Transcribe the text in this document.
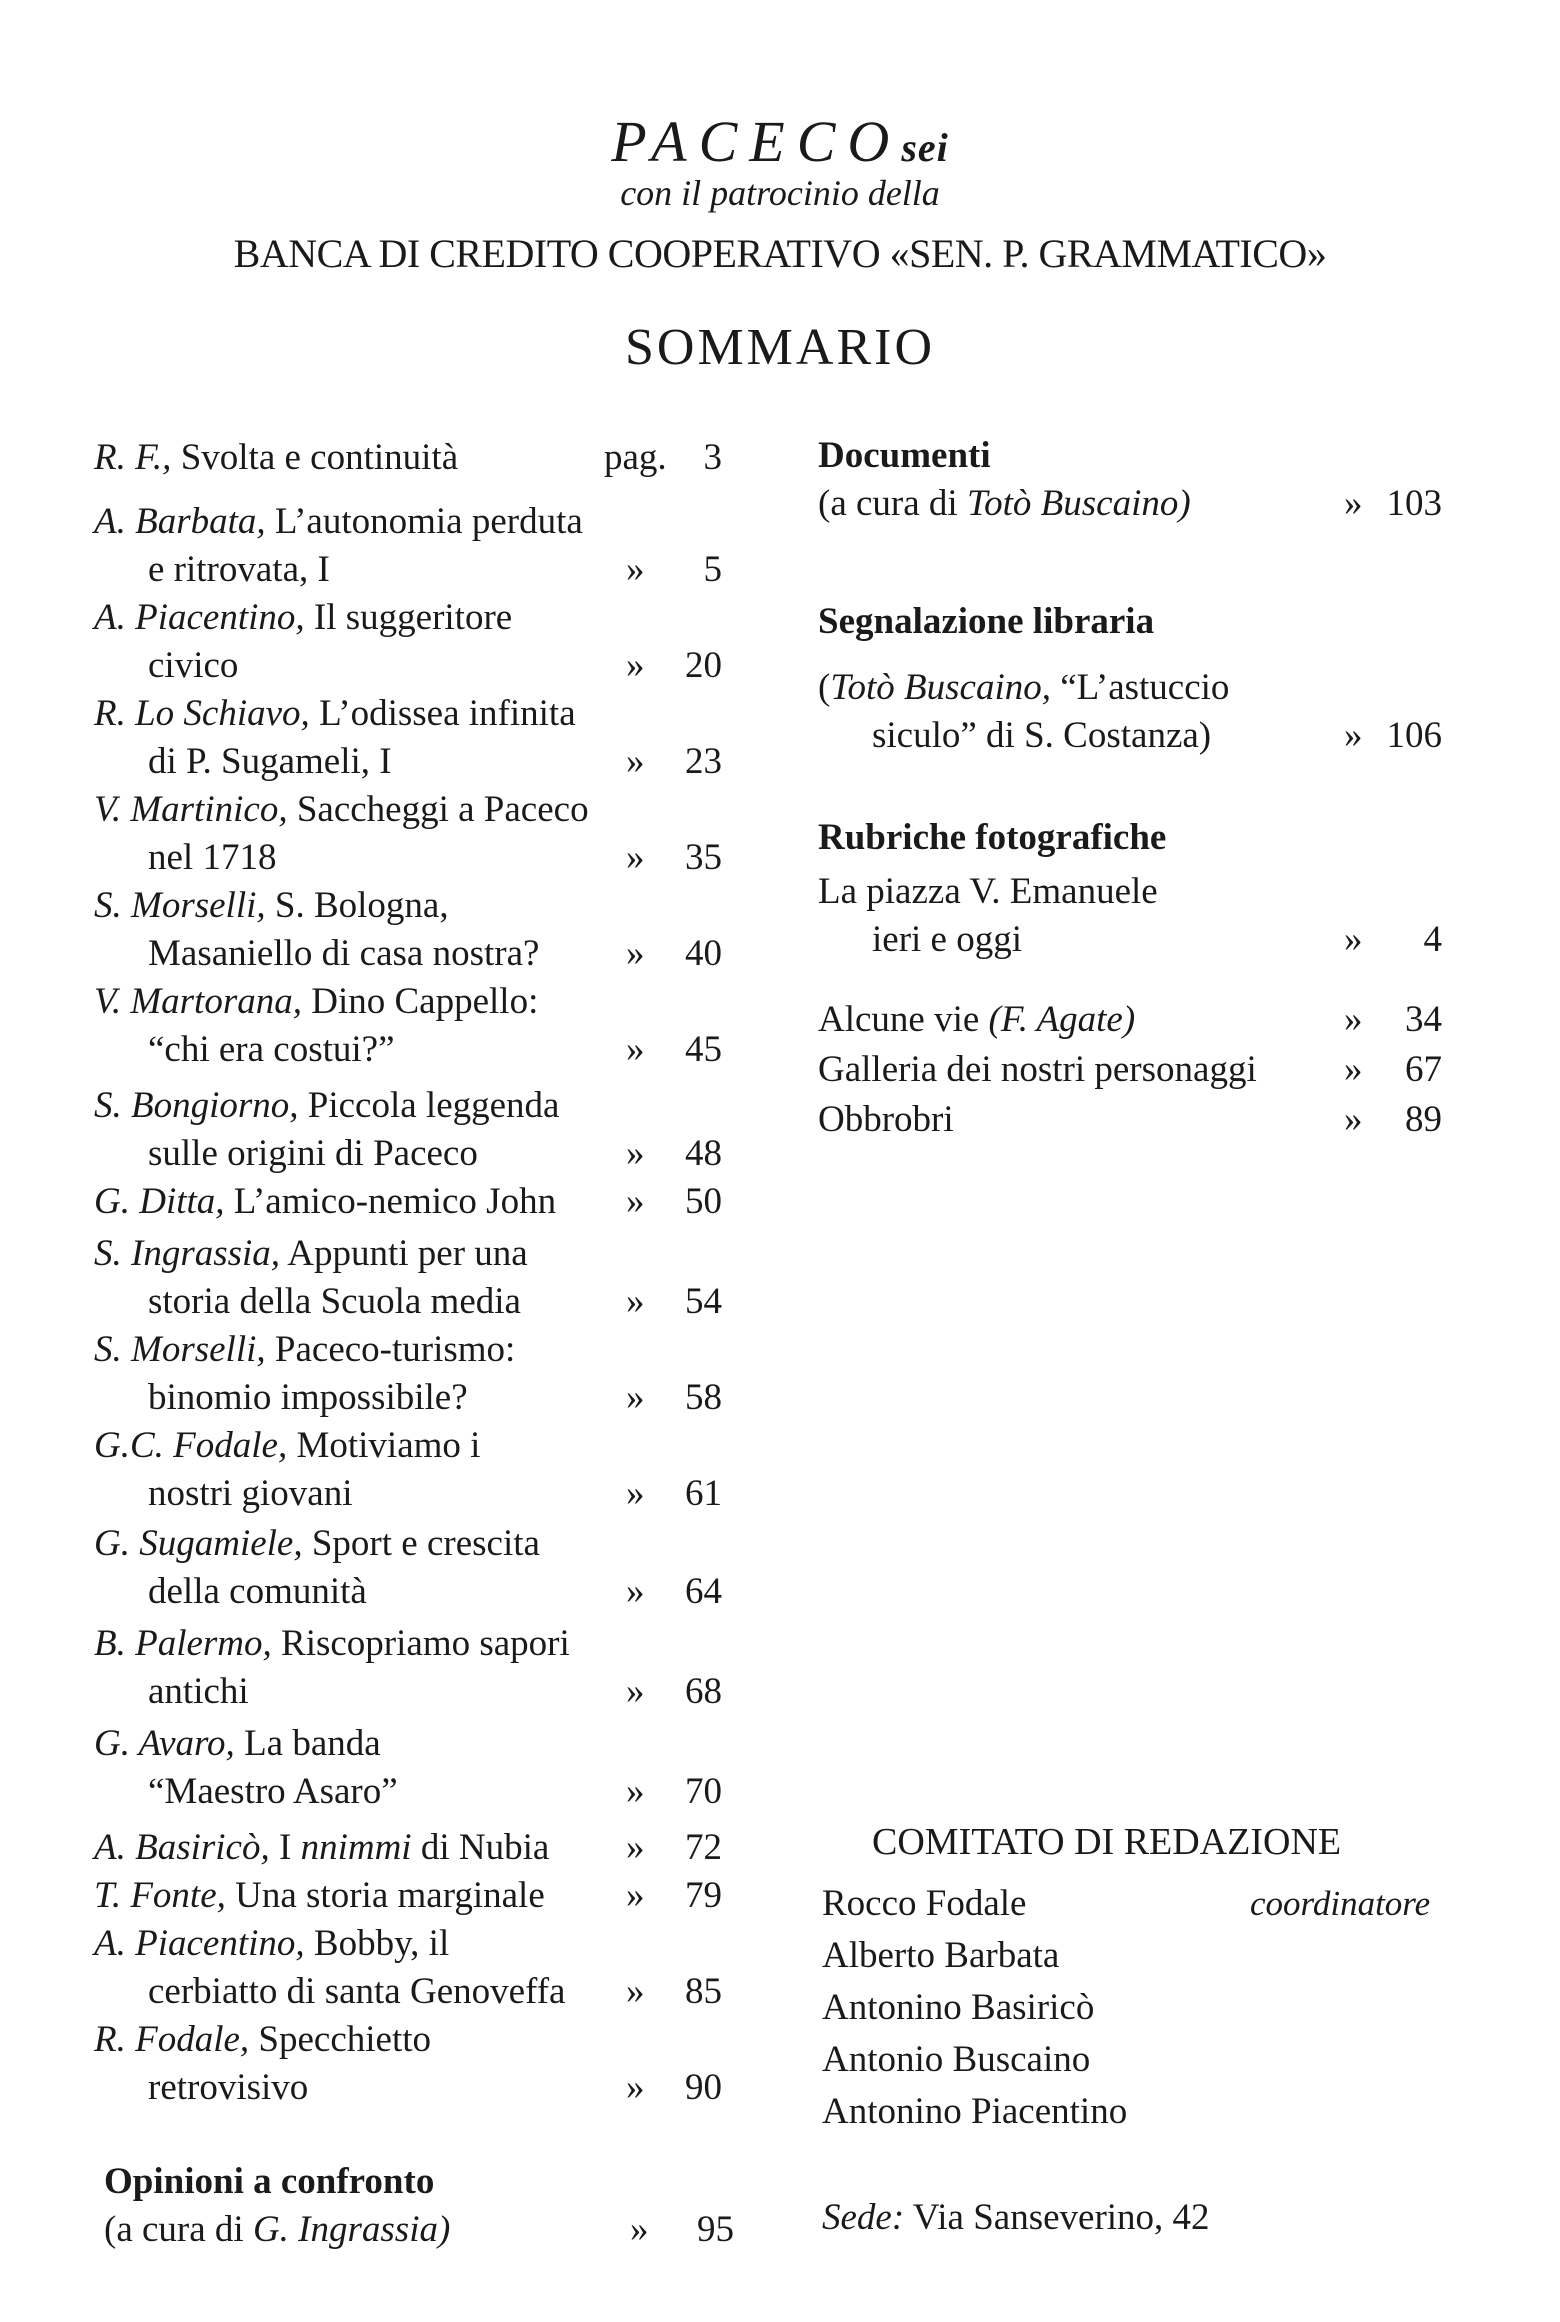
PACECOsei
con il patrocinio della
BANCA DI CREDITO COOPERATIVO «SEN. P. GRAMMATICO»
SOMMARIO
R. F., Svolta e continuità	pag. 3
A. Barbata, L’autonomia perduta
e ritrovata, I	» 5
A. Piacentino, Il suggeritore
civico	» 20
R. Lo Schiavo, L’odissea infinita
di P. Sugameli, I	» 23
V. Martinico, Saccheggi a Paceco
nel 1718	» 35
S. Morselli, S. Bologna,
Masaniello di casa nostra? » 40
V. Martorana, Dino Cappello:
“chi era costui?”	» 45
S. Bongiorno, Piccola leggenda
sulle origini di Paceco	» 48
G. Ditta, L’amico-nemico John » 50
S. Ingrassia, Appunti per una
storia della Scuola media	» 54
S. Morselli, Paceco-turismo:
binomio impossibile?	» 58
G.C. Fodale, Motiviamo i
nostri giovani	» 61
G. Sugamiele, Sport e crescita
della comunità	» 64
B. Palermo, Riscopriamo sapori
antichi	» 68
G. Avaro, La banda
“Maestro Asaro”	» 70
A. Basiricò, I nnimmi di Nubia » 72
T. Fonte, Una storia marginale » 79
A. Piacentino, Bobby, il
cerbiatto di santa Genoveffa » 85
R. Fodale, Specchietto
retrovisivo	» 90
Opinioni a confronto
(a cura di G. Ingrassia)	» 95
Documenti
(a cura di Totò Buscaino)	» 103
Segnalazione libraria
(Totò Buscaino, “L’astuccio
siculo” di S. Costanza)	» 106
Rubriche fotografiche
La piazza V. Emanuele
ieri e oggi	» 4
Alcune vie (F. Agate)	» 34
Galleria dei nostri personaggi » 67
Obbrobri	» 89
COMITATO DI REDAZIONE
Rocco Fodale	coordinatore
Alberto Barbata
Antonino Basiricò
Antonio Buscaino
Antonino Piacentino
Sede: Via Sanseverino, 42
